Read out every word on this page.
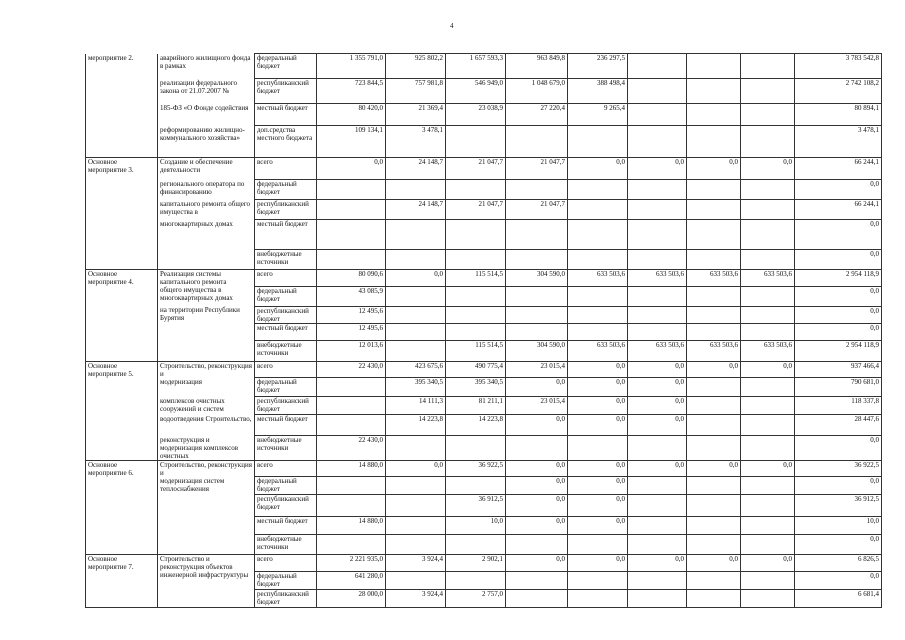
4
мероприятие 2.	аварийного жилищного фонда в рамках	федеральный бюджет	1 355 791,0	925 802,2	1 657 593,3	963 849,8	236 297,5				3 783 542,8
	реализации федерального закона от 21.07.2007 №	республиканский бюджет	723 844,5	757 981,8	546 949,0	1 048 679,0	388 498,4				2 742 108,2
	185-ФЗ «О Фонде содействия	местный бюджет	80 420,0	21 369,4	23 038,9	27 220,4	9 265,4				80 894,1
	реформированию жилищно-коммунального хозяйства»	доп.средства местного бюджета	109 134,1	3 478,1							3 478,1
Основное мероприятие 3.	Создание и обеспечение деятельности	всего	0,0	24 148,7	21 047,7	21 047,7	0,0	0,0	0,0	0,0	66 244,1
	регионального оператора по финансированию	федеральный бюджет									0,0
	капитального ремонта общего имущества в	республиканский бюджет		24 148,7	21 047,7	21 047,7					66 244,1
	многоквартирных домах	местный бюджет									0,0
		внебюджетные источники									0,0
Основное мероприятие 4.	Реализация системы капитального ремонта	всего	80 090,6	0,0	115 514,5	304 590,0	633 503,6	633 503,6	633 503,6	633 503,6	2 954 118,9
	общего имущества в многоквартирных домах	федеральный бюджет	43 085,9								0,0
	на территории Республики Бурятия	республиканский бюджет	12 495,6								0,0
		местный бюджет	12 495,6								0,0
		внебюджетные источники	12 013,6		115 514,5	304 590,0	633 503,6	633 503,6	633 503,6	633 503,6	2 954 118,9
Основное мероприятие 5.	Строительство, реконструкция и	всего	22 430,0	423 675,6	490 775,4	23 015,4	0,0	0,0	0,0	0,0	937 466,4
	модернизация	федеральный бюджет		395 340,5	395 340,5	0,0	0,0	0,0			790 681,0
	комплексов очистных сооружений и систем	республиканский бюджет		14 111,3	81 211,1	23 015,4	0,0	0,0			118 337,8
	водоотведения Строительство,	местный бюджет		14 223,8	14 223,8	0,0	0,0	0,0			28 447,6
	реконструкция и модернизация комплексов очистных	внебюджетные источники	22 430,0								0,0
Основное мероприятие 6.	Строительство, реконструкция и	всего	14 880,0	0,0	36 922,5	0,0	0,0	0,0	0,0	0,0	36 922,5
	модернизация систем теплоснабжения	федеральный бюджет				0,0	0,0				0,0
		республиканский бюджет			36 912,5	0,0	0,0				36 912,5
		местный бюджет	14 880,0		10,0	0,0	0,0				10,0
		внебюджетные источники									0,0
Основное мероприятие 7.	Строительство и реконструкция объектов	всего	2 221 935,0	3 924,4	2 902,1	0,0	0,0	0,0	0,0	0,0	6 826,5
	инженерной инфраструктуры	федеральный бюджет	641 280,0								0,0
		республиканский бюджет	28 000,0	3 924,4	2 757,0						6 681,4
